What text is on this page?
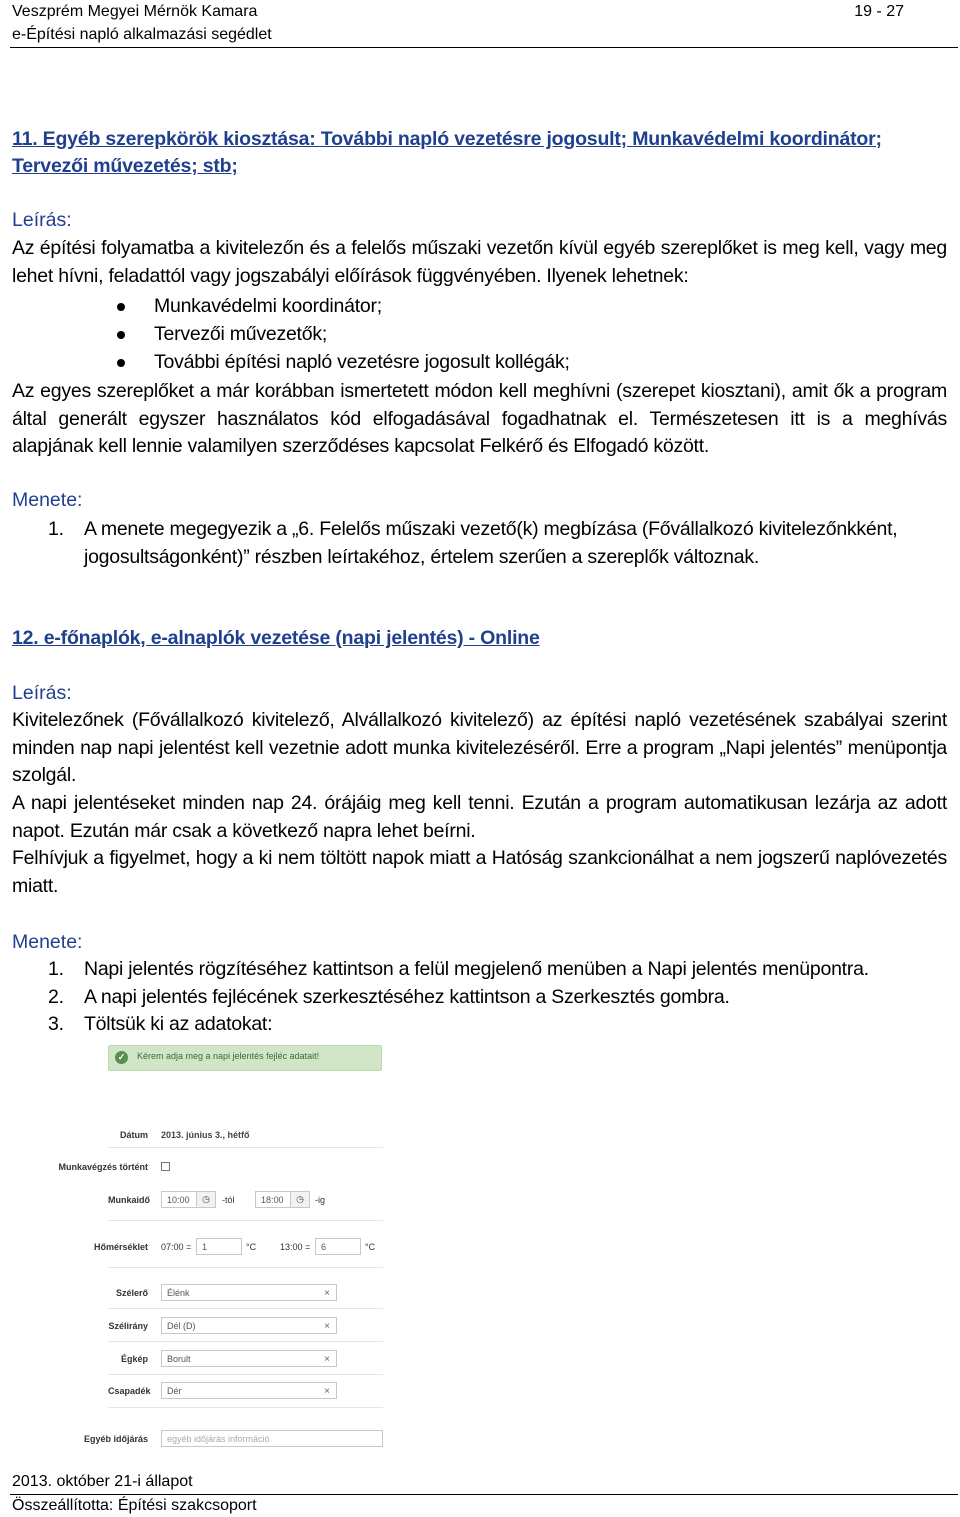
Veszprém Megyei Mérnök Kamara	19 - 27
e-Építési napló alkalmazási segédlet
11. Egyéb szerepkörök kiosztása: További napló vezetésre jogosult; Munkavédelmi koordinátor;
Tervezői művezetés; stb;
Leírás:
Az építési folyamatba a kivitelezőn és a felelős műszaki vezetőn kívül egyéb szereplőket is meg kell, vagy meg lehet hívni, feladattól vagy jogszabályi előírások függvényében. Ilyenek lehetnek:
Munkavédelmi koordinátor;
Tervezői művezetők;
További építési napló vezetésre jogosult kollégák;
Az egyes szereplőket a már korábban ismertetett módon kell meghívni (szerepet kiosztani), amit ők a program által generált egyszer használatos kód elfogadásával fogadhatnak el. Természetesen itt is a meghívás alapjának kell lennie valamilyen szerződéses kapcsolat Felkérő és Elfogadó között.
Menete:
1. A menete megegyezik a „6. Felelős műszaki vezető(k) megbízása (Fővállalkozó kivitelezőnkként, jogosultságonként)” részben leírtakéhoz, értelem szerűen a szereplők változnak.
12. e-főnaplók, e-alnaplók vezetése (napi jelentés) - Online
Leírás:
Kivitelezőnek (Fővállalkozó kivitelező, Alvállalkozó kivitelező) az építési napló vezetésének szabályai szerint minden nap napi jelentést kell vezetnie adott munka kivitelezéséről. Erre a program „Napi jelentés” menüpontja szolgál.
A napi jelentéseket minden nap 24. órájáig meg kell tenni. Ezután a program automatikusan lezárja az adott napot. Ezután már csak a következő napra lehet beírni.
Felhívjuk a figyelmet, hogy a ki nem töltött napok miatt a Hatóság szankcionálhat a nem jogszerű naplóvezetés miatt.
Menete:
1. Napi jelentés rögzítéséhez kattintson a felül megjelenő menüben a Napi jelentés menüpontra.
2. A napi jelentés fejlécének szerkesztéséhez kattintson a Szerkesztés gombra.
3. Töltsük ki az adatokat:
✓	Kérem adja meg a napi jelentés fejléc adatait!
Dátum 2013. június 3., hétfő
Munkavégzés történt
Munkaidő	10:00	◷	-tól	18:00	◷	-ig
Hőmérséklet 07:00 =	1	°C	13:00 =	6	°C
Szélerő	Élénk	×
Szélirány	Dél (D)	×
Égkép	Borult	×
Csapadék	Dér	×
Egyéb időjárás	egyéb időjárás információ
2013. október 21-i állapot
Összeállította: Építési szakcsoport
